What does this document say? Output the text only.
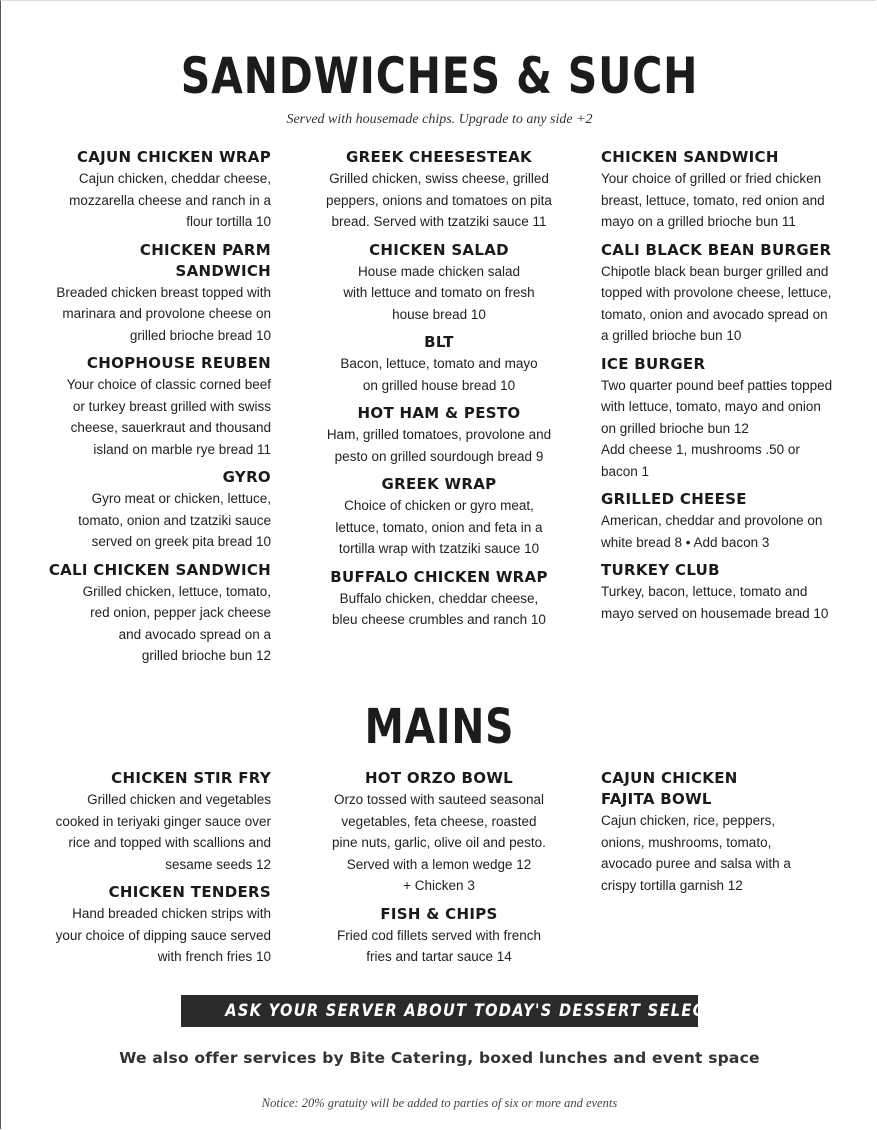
SANDWICHES & SUCH
Served with housemade chips. Upgrade to any side +2
CAJUN CHICKEN WRAP
Cajun chicken, cheddar cheese,
mozzarella cheese and ranch in a
flour tortilla 10
CHICKEN PARM SANDWICH
Breaded chicken breast topped with
marinara and provolone cheese on
grilled brioche bread 10
CHOPHOUSE REUBEN
Your choice of classic corned beef
or turkey breast grilled with swiss
cheese, sauerkraut and thousand
island on marble rye bread 11
GYRO
Gyro meat or chicken, lettuce,
tomato, onion and tzatziki sauce
served on greek pita bread 10
CALI CHICKEN SANDWICH
Grilled chicken, lettuce, tomato,
red onion, pepper jack cheese
and avocado spread on a
grilled brioche bun 12
GREEK CHEESESTEAK
Grilled chicken, swiss cheese, grilled
peppers, onions and tomatoes on pita
bread. Served with tzatziki sauce 11
CHICKEN SALAD
House made chicken salad
with lettuce and tomato on fresh
house bread 10
BLT
Bacon, lettuce, tomato and mayo
on grilled house bread 10
HOT HAM & PESTO
Ham, grilled tomatoes, provolone and
pesto on grilled sourdough bread 9
GREEK WRAP
Choice of chicken or gyro meat,
lettuce, tomato, onion and feta in a
tortilla wrap with tzatziki sauce 10
BUFFALO CHICKEN WRAP
Buffalo chicken, cheddar cheese,
bleu cheese crumbles and ranch 10
CHICKEN SANDWICH
Your choice of grilled or fried chicken
breast, lettuce, tomato, red onion and
mayo on a grilled brioche bun 11
CALI BLACK BEAN BURGER
Chipotle black bean burger grilled and
topped with provolone cheese, lettuce,
tomato, onion and avocado spread on
a grilled brioche bun 10
ICE BURGER
Two quarter pound beef patties topped
with lettuce, tomato, mayo and onion
on grilled brioche bun 12
Add cheese 1, mushrooms .50 or
bacon 1
GRILLED CHEESE
American, cheddar and provolone on
white bread 8 • Add bacon 3
TURKEY CLUB
Turkey, bacon, lettuce, tomato and
mayo served on housemade bread 10
MAINS
CHICKEN STIR FRY
Grilled chicken and vegetables
cooked in teriyaki ginger sauce over
rice and topped with scallions and
sesame seeds 12
CHICKEN TENDERS
Hand breaded chicken strips with
your choice of dipping sauce served
with french fries 10
HOT ORZO BOWL
Orzo tossed with sauteed seasonal
vegetables, feta cheese, roasted
pine nuts, garlic, olive oil and pesto.
Served with a lemon wedge 12
+ Chicken 3
FISH & CHIPS
Fried cod fillets served with french
fries and tartar sauce 14
CAJUN CHICKEN
FAJITA BOWL
Cajun chicken, rice, peppers,
onions, mushrooms, tomato,
avocado puree and salsa with a
crispy tortilla garnish 12
ASK YOUR SERVER ABOUT TODAY'S DESSERT SELECTIONS.
We also offer services by Bite Catering, boxed lunches and event space
Notice: 20% gratuity will be added to parties of six or more and events
